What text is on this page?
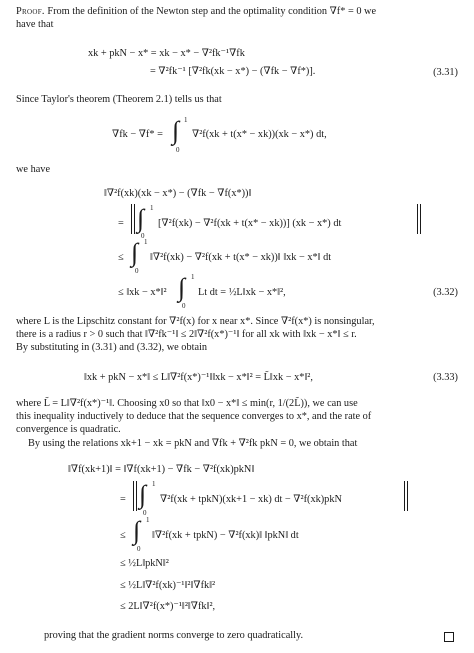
Proof. From the definition of the Newton step and the optimality condition ∇f* = 0 we
have that
xk + pkN − x* = xk − x* − ∇²fk⁻¹∇fk
= ∇²fk⁻¹ [∇²fk(xk − x*) − (∇fk − ∇f*)].	(3.31)
Since Taylor's theorem (Theorem 2.1) tells us that
∇fk − ∇f* = ∫ 1
0
∇²f(xk + t(x* − xk))(xk − x*) dt,
we have
‖∇²f(xk)(xk − x*) − (∇fk − ∇f(x*))‖
= ∫ 1
0
[∇²f(xk) − ∇²f(xk + t(x* − xk))] (xk − x*) dt
≤ ∫ 1
0
‖∇²f(xk) − ∇²f(xk + t(x* − xk))‖ ‖xk − x*‖ dt
≤ ‖xk − x*‖² ∫ 1
0
Lt dt = ½L‖xk − x*‖²,	(3.32)
where L is the Lipschitz constant for ∇²f(x) for x near x*. Since ∇²f(x*) is nonsingular,
there is a radius r > 0 such that ‖∇²fk⁻¹‖ ≤ 2‖∇²f(x*)⁻¹‖ for all xk with ‖xk − x*‖ ≤ r.
By substituting in (3.31) and (3.32), we obtain
‖xk + pkN − x*‖ ≤ L‖∇²f(x*)⁻¹‖‖xk − x*‖² = L̃‖xk − x*‖²,	(3.33)
where L̃ = L‖∇²f(x*)⁻¹‖. Choosing x0 so that ‖x0 − x*‖ ≤ min(r, 1/(2L̃)), we can use
this inequality inductively to deduce that the sequence converges to x*, and the rate of
convergence is quadratic.
By using the relations xk+1 − xk = pkN and ∇fk + ∇²fk pkN = 0, we obtain that
‖∇f(xk+1)‖ = ‖∇f(xk+1) − ∇fk − ∇²f(xk)pkN‖
= ∫ 1
0
∇²f(xk + tpkN)(xk+1 − xk) dt − ∇²f(xk)pkN
≤ ∫ 1
0
‖∇²f(xk + tpkN) − ∇²f(xk)‖ ‖pkN‖ dt
≤ ½L‖pkN‖²
≤ ½L‖∇²f(xk)⁻¹‖²‖∇fk‖²
≤ 2L‖∇²f(x*)⁻¹‖²‖∇fk‖²,
proving that the gradient norms converge to zero quadratically.
